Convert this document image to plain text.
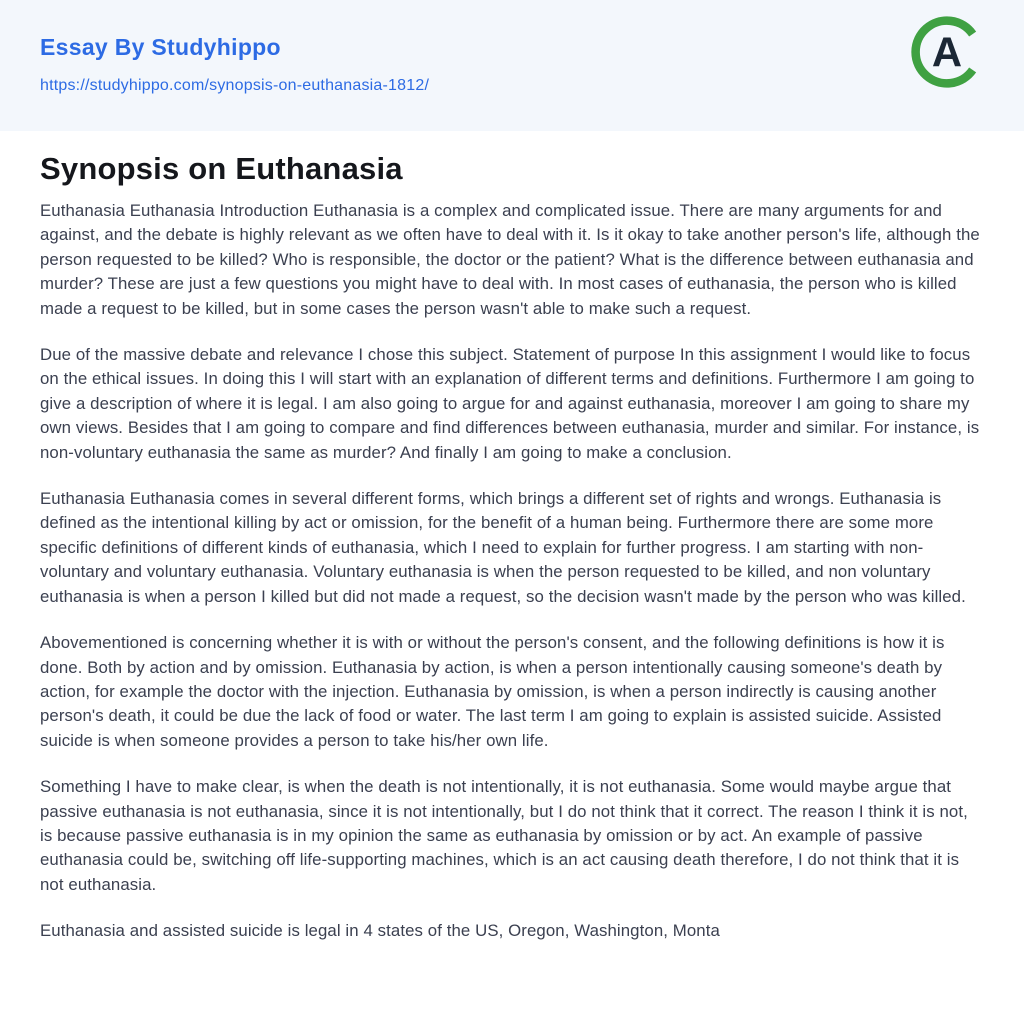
Essay By Studyhippo
https://studyhippo.com/synopsis-on-euthanasia-1812/
A
Synopsis on Euthanasia

Euthanasia Euthanasia Introduction Euthanasia is a complex and complicated issue. There are many arguments for and against, and the debate is highly relevant as we often have to deal with it. Is it okay to take another person's life, although the person requested to be killed? Who is responsible, the doctor or the patient? What is the difference between euthanasia and murder? These are just a few questions you might have to deal with. In most cases of euthanasia, the person who is killed made a request to be killed, but in some cases the person wasn't able to make such a request.

Due of the massive debate and relevance I chose this subject. Statement of purpose In this assignment I would like to focus on the ethical issues. In doing this I will start with an explanation of different terms and definitions. Furthermore I am going to give a description of where it is legal. I am also going to argue for and against euthanasia, moreover I am going to share my own views. Besides that I am going to compare and find differences between euthanasia, murder and similar. For instance, is non-voluntary euthanasia the same as murder? And finally I am going to make a conclusion.

Euthanasia Euthanasia comes in several different forms, which brings a different set of rights and wrongs. Euthanasia is defined as the intentional killing by act or omission, for the benefit of a human being. Furthermore there are some more specific definitions of different kinds of euthanasia, which I need to explain for further progress. I am starting with non-voluntary and voluntary euthanasia. Voluntary euthanasia is when the person requested to be killed, and non voluntary euthanasia is when a person I killed but did not made a request, so the decision wasn't made by the person who was killed.

Abovementioned is concerning whether it is with or without the person's consent, and the following definitions is how it is done. Both by action and by omission. Euthanasia by action, is when a person intentionally causing someone's death by action, for example the doctor with the injection. Euthanasia by omission, is when a person indirectly is causing another person's death, it could be due the lack of food or water. The last term I am going to explain is assisted suicide. Assisted suicide is when someone provides a person to take his/her own life.

Something I have to make clear, is when the death is not intentionally, it is not euthanasia. Some would maybe argue that passive euthanasia is not euthanasia, since it is not intentionally, but I do not think that it correct. The reason I think it is not, is because passive euthanasia is in my opinion the same as euthanasia by omission or by act. An example of passive euthanasia could be, switching off life-supporting machines, which is an act causing death therefore, I do not think that it is not euthanasia.

Euthanasia and assisted suicide is legal in 4 states of the US, Oregon, Washington, Monta
